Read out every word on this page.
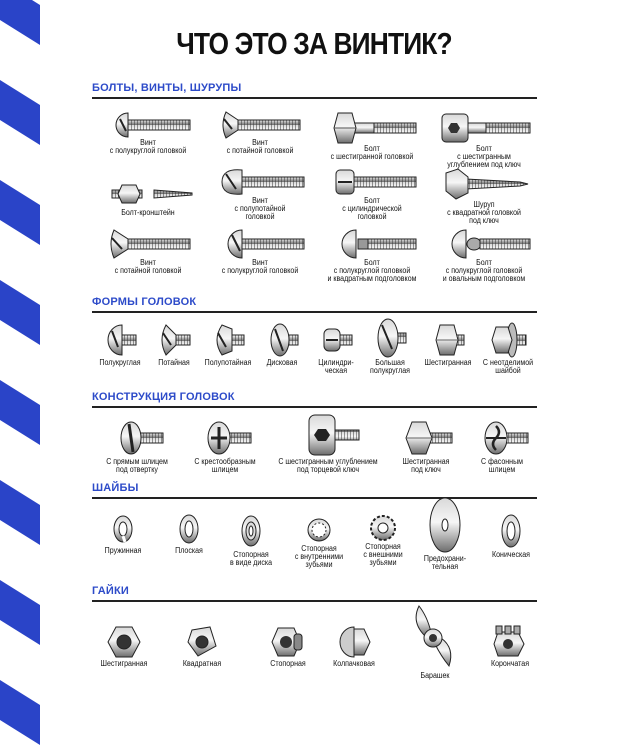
ЧТО ЭТО ЗА ВИНТИК?
БОЛТЫ, ВИНТЫ, ШУРУПЫ
Винт
с полукруглой головкой
Винт
с потайной головкой	Болт
с шестигранной головкой
Болт
с шестигранным
углублением под ключ
Болт-кронштейн
Винт
с полупотайной
головкой
Болт
с цилиндрической
головкой
Шуруп
с квадратной головкой
под ключ
Винт
с потайной головкой
Винт
с полукруглой головкой
Болт
с полукруглой головкой
и квадратным подголовком
Болт
с полукруглой головкой
и овальным подголовком
ФОРМЫ ГОЛОВОК
Полукруглая	Потайная	Полупотайная	Дисковая	Цилиндри-
ческая
Большая
полукруглая
Шестигранная	С неотделимой
шайбой
КОНСТРУКЦИЯ ГОЛОВОК
С прямым шлицем
под отвертку
С крестообразным
шлицем
С шестигранным углублением
под торцевой ключ
Шестигранная
под ключ
С фасонным
шлицем
ШАЙБЫ
Пружинная	Плоская	Стопорная
в виде диска
Стопорная
с внутренними
зубьями
Стопорная
с внешними
зубьями	Предохрани-
тельная
Коническая
ГАЙКИ
Шестигранная	Квадратная	Стопорная	Колпачковая
Барашек
Корончатая
